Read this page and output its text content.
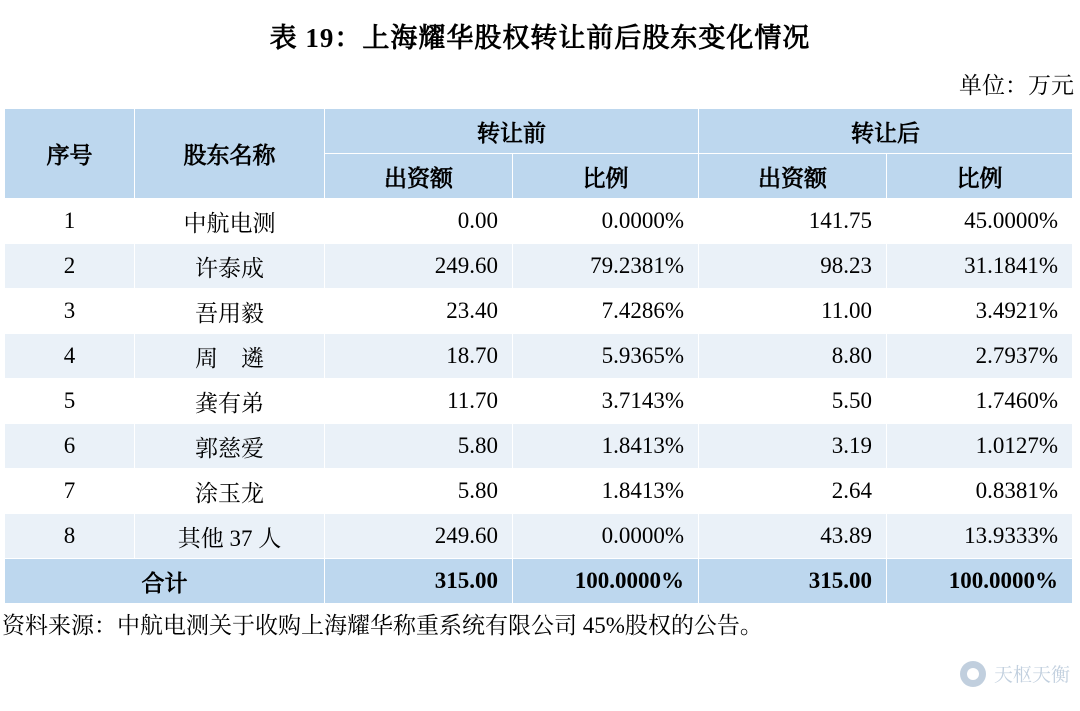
表 19：上海耀华股权转让前后股东变化情况
单位：万元
序号	股东名称	转让前		转让后	
		出资额	比例	出资额	比例
1	中航电测	0.00	0.0000%	141.75	45.0000%
2	许泰成	249.60	79.2381%	98.23	31.1841%
3	吾用毅	23.40	7.4286%	11.00	3.4921%
4	周　遴	18.70	5.9365%	8.80	2.7937%
5	龚有弟	11.70	3.7143%	5.50	1.7460%
6	郭慈爱	5.80	1.8413%	3.19	1.0127%
7	涂玉龙	5.80	1.8413%	2.64	0.8381%
8	其他 37 人	249.60	0.0000%	43.89	13.9333%
合计		315.00	100.0000%	315.00	100.0000%
资料来源：中航电测关于收购上海耀华称重系统有限公司 45%股权的公告。
天枢天衡
